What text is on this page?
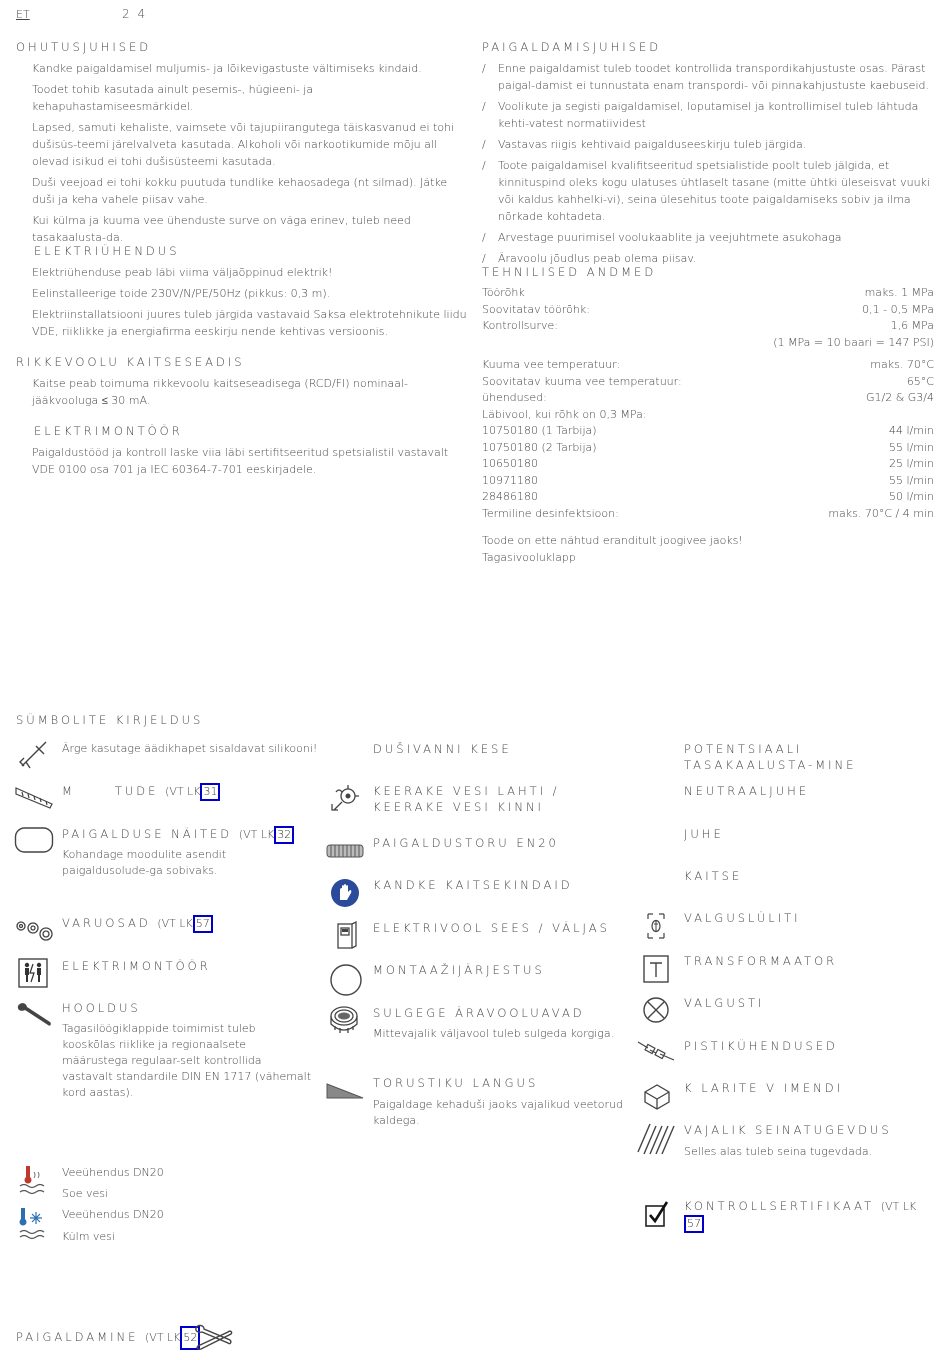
ET	2 4
OHUTUSJUHISED
Kandke paigaldamisel muljumis- ja lõikevigastuste vältimiseks kindaid.
Toodet tohib kasutada ainult pesemis-, hügieeni- ja kehapuhastamiseesmärkidel.
Lapsed, samuti kehaliste, vaimsete või tajupiirangutega täiskasvanud ei tohi dušisüs-teemi järelvalveta kasutada. Alkoholi või narkootikumide mõju all olevad isikud ei tohi dušisüsteemi kasutada.
Duši veejoad ei tohi kokku puutuda tundlike kehaosadega (nt silmad). Jätke duši ja keha vahele piisav vahe.
Kui külma ja kuuma vee ühenduste surve on väga erinev, tuleb need tasakaalusta-da.
ELEKTRIÜHENDUS
Elektriühenduse peab läbi viima väljaõppinud elektrik!
Eelinstalleerige toide 230V/N/PE/50Hz (pikkus: 0,3 m).
Elektriinstallatsiooni juures tuleb järgida vastavaid Saksa elektrotehnikute liidu VDE, riiklikke ja energiafirma eeskirju nende kehtivas versioonis.
RIKKEVOOLU KAITSESEADIS
Kaitse peab toimuma rikkevoolu kaitseseadisega (RCD/FI) nominaal-jääkvooluga ≤ 30 mA.
ELEKTRIMONTÖÖR
Paigaldustööd ja kontroll laske viia läbi sertifitseeritud spetsialistil vastavalt VDE 0100 osa 701 ja IEC 60364-7-701 eeskirjadele.
PAIGALDAMISJUHISED
/ Enne paigaldamist tuleb toodet kontrollida transpordikahjustuste osas. Pärast paigal-damist ei tunnustata enam transpordi- või pinnakahjustuste kaebuseid.
/ Voolikute ja segisti paigaldamisel, loputamisel ja kontrollimisel tuleb lähtuda kehti-vatest normatiividest
/ Vastavas riigis kehtivaid paigalduseeskirju tuleb järgida.
/ Toote paigaldamisel kvalifitseeritud spetsialistide poolt tuleb jälgida, et kinnituspind oleks kogu ulatuses ühtlaselt tasane (mitte ühtki üleseisvat vuuki või kaldus kahhelki-vi), seina ülesehitus toote paigaldamiseks sobiv ja ilma nõrkade kohtadeta.
/ Arvestage puurimisel voolukaablite ja veejuhtmete asukohaga
/ Äravoolu jõudlus peab olema piisav.
TEHNILISED ANDMED
Töörõhk	maks. 1 MPa
Soovitatav töörõhk:	0,1 - 0,5 MPa
Kontrollsurve:	1,6 MPa
(1 MPa = 10 baari = 147 PSI)
Kuuma vee temperatuur:	maks. 70°C
Soovitatav kuuma vee temperatuur:	65°C
ühendused:	G1/2 & G3/4
Läbivool, kui rõhk on 0,3 MPa:
10750180 (1 Tarbija)	44 l/min
10750180 (2 Tarbija)	55 l/min
10650180	25 l/min
10971180	55 l/min
28486180	50 l/min
Termiline desinfektsioon:	maks. 70°C / 4 min
Toode on ette nähtud eranditult joogivee jaoks!
Tagasivooluklapp
SÜMBOLITE KIRJELDUS
Ärge kasutage äädikhapet sisaldavat silikooni!
M      TUDE (VT LK 31
PAIGALDUSE NÄITED (VT LK 32
Kohandage moodulite asendit paigaldusolude-ga sobivaks.
VARUOSAD (VT LK 57
ELEKTRIMONTÖÖR
HOOLDUS
Tagasilöögiklappide toimimist tuleb kooskõlas riiklike ja regionaalsete määrustega regulaar-selt kontrollida vastavalt standardile DIN EN 1717 (vähemalt kord aastas).
Veeühendus DN20
Soe vesi
Veeühendus DN20
Külm vesi
DUŠIVANNI KESE
KEERAKE VESI LAHTI / KEERAKE VESI KINNI
PAIGALDUSTORU EN20
KANDKE KAITSEKINDAID
ELEKTRIVOOL SEES / VÄLJAS
MONTAAŽIJÄRJESTUS
SULGEGE ÄRAVOOLUAVAD
Mittevajalik väljavool tuleb sulgeda korgiga.
TORUSTIKU LANGUS
Paigaldage kehaduši jaoks vajalikud veetorud kaldega.
POTENTSIAALI TASAKAALUSTA-MINE
NEUTRAALJUHE
JUHE
KAITSE
VALGUSLÜLITI
TRANSFORMAATOR
VALGUSTI
PISTIKÜHENDUSED
K LARITE V IMENDI
VAJALIK SEINATUGEVDUS
Selles alas tuleb seina tugevdada.
KONTROLLSERTIFIKAAT (VT LK
57
PAIGALDAMINE (VT LK 52
